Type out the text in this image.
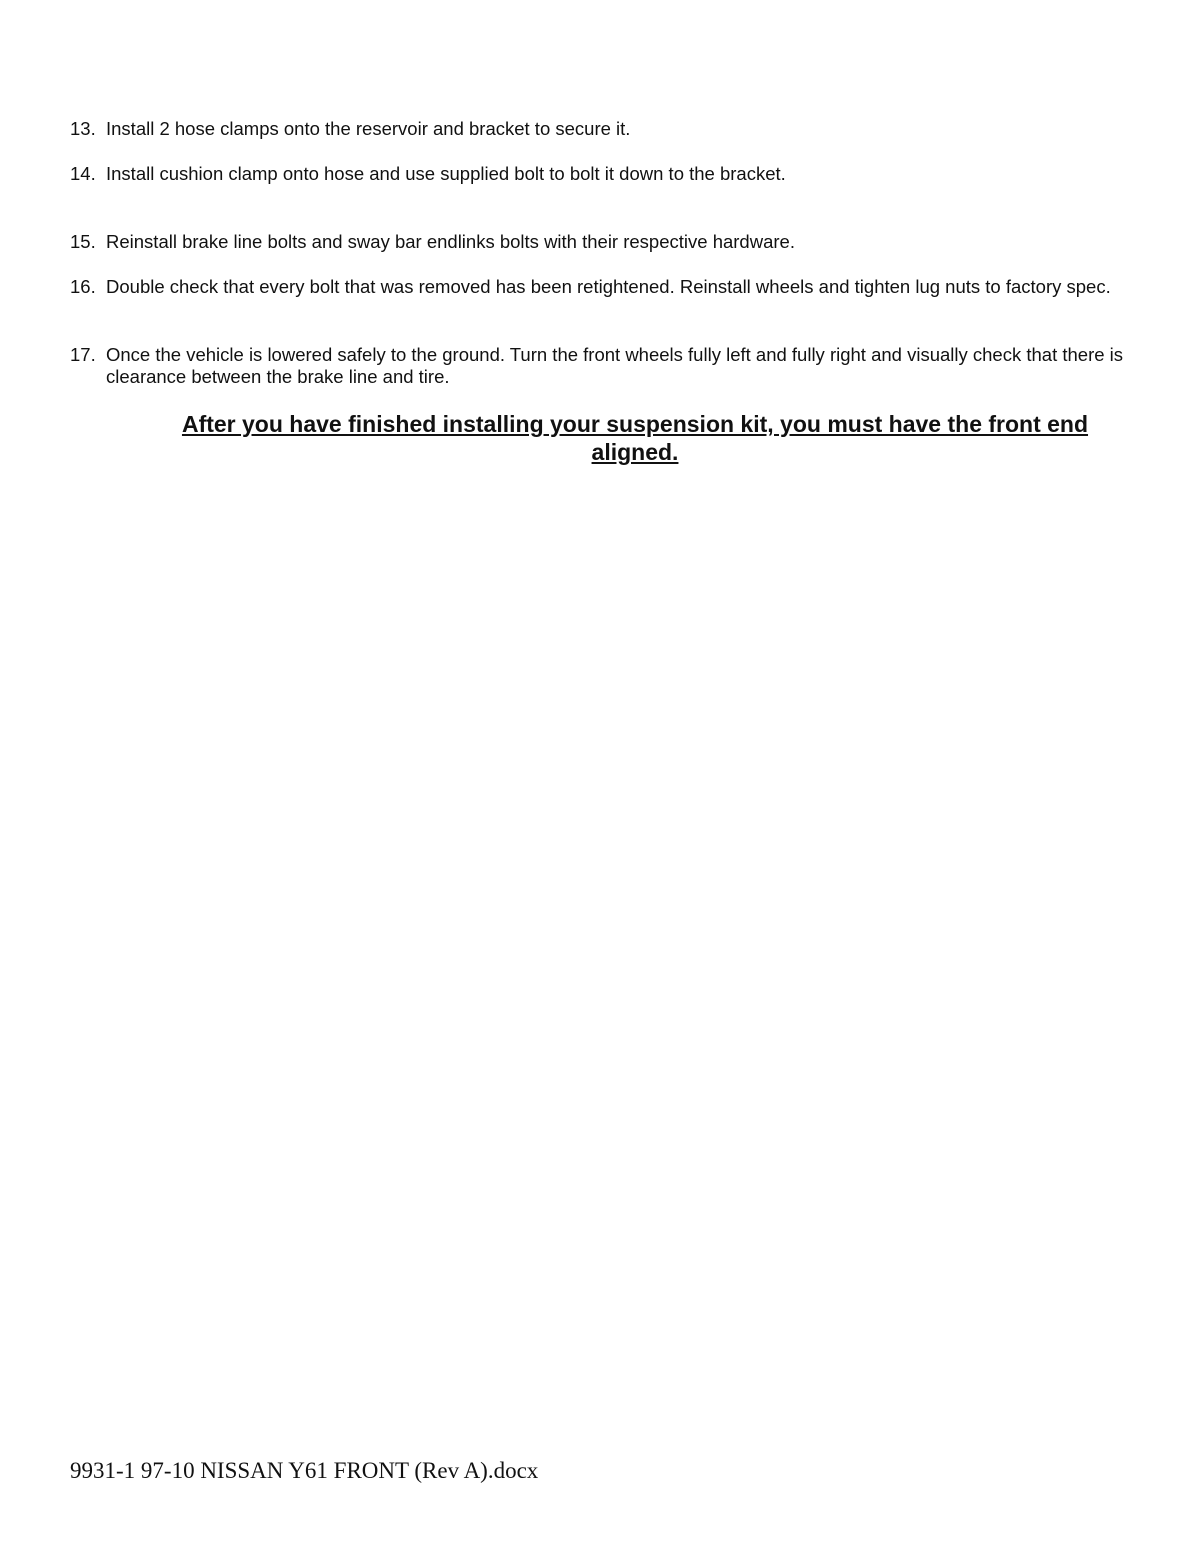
13. Install 2 hose clamps onto the reservoir and bracket to secure it.
14. Install cushion clamp onto hose and use supplied bolt to bolt it down to the bracket.
15. Reinstall brake line bolts and sway bar endlinks bolts with their respective hardware.
16. Double check that every bolt that was removed has been retightened. Reinstall wheels and tighten lug nuts to factory spec.
17. Once the vehicle is lowered safely to the ground. Turn the front wheels fully left and fully right and visually check that there is clearance between the brake line and tire.
After you have finished installing your suspension kit, you must have the front end aligned.
9931-1 97-10 NISSAN Y61 FRONT (Rev A).docx
